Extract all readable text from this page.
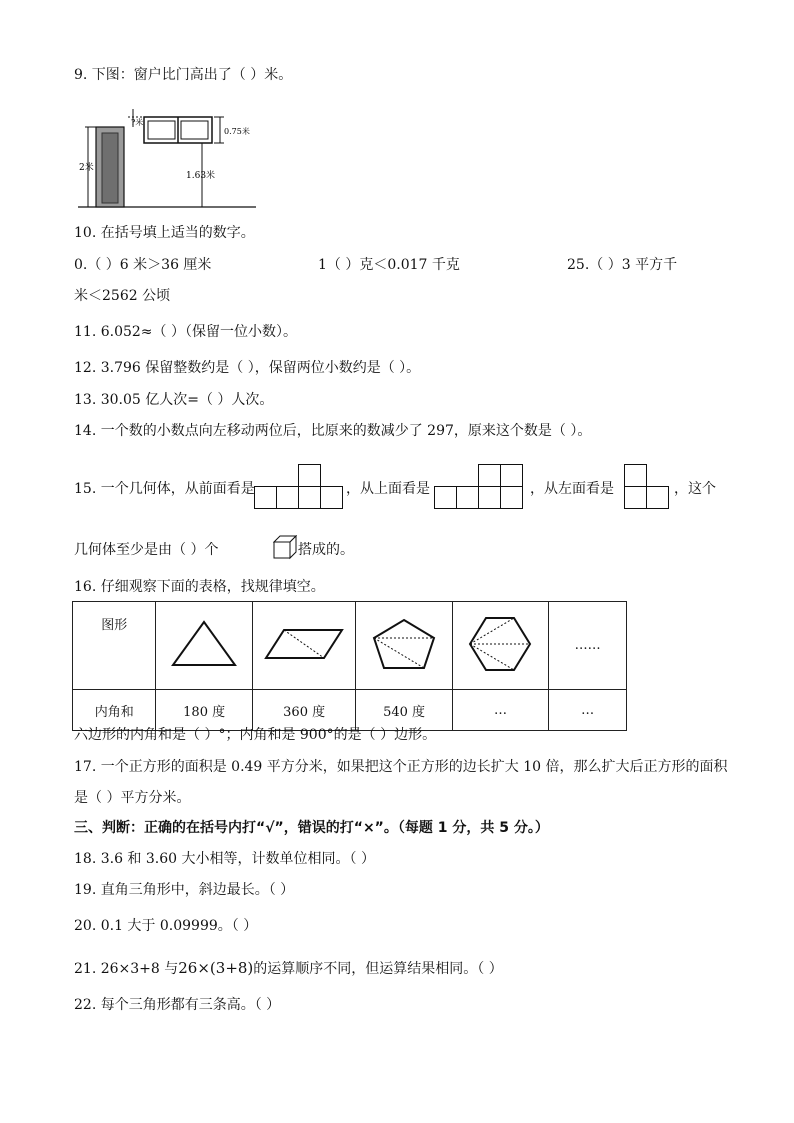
9. 下图：窗户比门高出了（ ）米。
2米
?米
0.75米
1.63米
10. 在括号填上适当的数字。
0.（ ）6 米＞36 厘米	1（ ）克＜0.017 千克	25.（ ）3 平方千
米＜2562 公顷
11. 6.052≈（ ）（保留一位小数）。
12. 3.796 保留整数约是（ ），保留两位小数约是（ ）。
13. 30.05 亿人次=（ ）人次。
14. 一个数的小数点向左移动两位后，比原来的数减少了 297，原来这个数是（ ）。
15. 一个几何体，从前面看是	，从上面看是	，从左面看是	，这个
几何体至少是由（ ）个	搭成的。
16. 仔细观察下面的表格，找规律填空。
图形					……
内角和	180 度	360 度	540 度	…	…
六边形的内角和是（ ）°；内角和是 900°的是（ ）边形。
17. 一个正方形的面积是 0.49 平方分米，如果把这个正方形的边长扩大 10 倍，那么扩大后正方形的面积
是（ ）平方分米。
三、判断：正确的在括号内打“√”，错误的打“×”。（每题 1 分，共 5 分。）
18. 3.6 和 3.60 大小相等，计数单位相同。（ ）
19. 直角三角形中，斜边最长。（ ）
20. 0.1 大于 0.09999。（ ）
21. 26×3+8 与26×(3+8)的运算顺序不同，但运算结果相同。（ ）
22. 每个三角形都有三条高。（ ）
